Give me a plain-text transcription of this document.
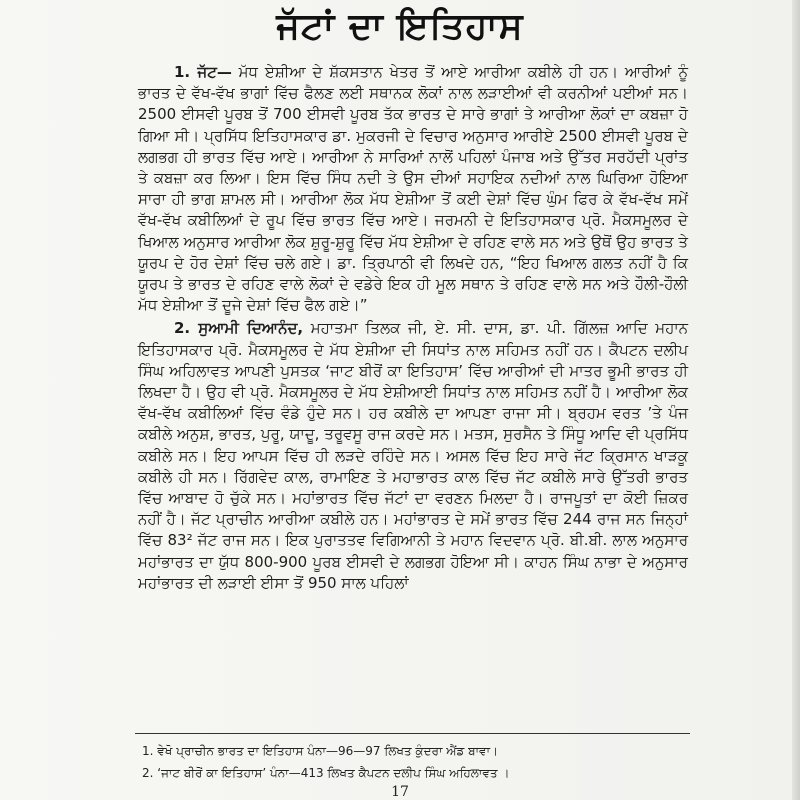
ਜੱਟਾਂ ਦਾ ਇਤਿਹਾਸ

1. ਜੱਟ— ਮੱਧ ਏਸ਼ੀਆ ਦੇ ਸ਼ੱਕਸਤਾਨ ਖੇਤਰ ਤੋਂ ਆਏ ਆਰੀਆ ਕਬੀਲੇ ਹੀ ਹਨ। ਆਰੀਆਂ ਨੂੰ ਭਾਰਤ ਦੇ ਵੱਖ-ਵੱਖ ਭਾਗਾਂ ਵਿੱਚ ਫੈਲਣ ਲਈ ਸਥਾਨਕ ਲੋਕਾਂ ਨਾਲ ਲੜਾਈਆਂ ਵੀ ਕਰਨੀਆਂ ਪਈਆਂ ਸਨ। 2500 ਈਸਵੀ ਪੂਰਬ ਤੋਂ 700 ਈਸਵੀ ਪੂਰਬ ਤੱਕ ਭਾਰਤ ਦੇ ਸਾਰੇ ਭਾਗਾਂ ਤੇ ਆਰੀਆ ਲੋਕਾਂ ਦਾ ਕਬਜ਼ਾ ਹੋ ਗਿਆ ਸੀ। ਪ੍ਰਸਿੱਧ ਇਤਿਹਾਸਕਾਰ ਡਾ. ਮੁਕਰਜੀ ਦੇ ਵਿਚਾਰ ਅਨੁਸਾਰ ਆਰੀਏ 2500 ਈਸਵੀ ਪੂਰਬ ਦੇ ਲਗਭਗ ਹੀ ਭਾਰਤ ਵਿੱਚ ਆਏ। ਆਰੀਆ ਨੇ ਸਾਰਿਆਂ ਨਾਲੋਂ ਪਹਿਲਾਂ ਪੰਜਾਬ ਅਤੇ ਉੱਤਰ ਸਰਹੱਦੀ ਪ੍ਰਾਂਤ ਤੇ ਕਬਜ਼ਾ ਕਰ ਲਿਆ। ਇਸ ਵਿੱਚ ਸਿੰਧ ਨਦੀ ਤੇ ਉਸ ਦੀਆਂ ਸਹਾਇਕ ਨਦੀਆਂ ਨਾਲ ਘਿਰਿਆ ਹੋਇਆ ਸਾਰਾ ਹੀ ਭਾਗ ਸ਼ਾਮਲ ਸੀ। ਆਰੀਆ ਲੋਕ ਮੱਧ ਏਸ਼ੀਆ ਤੋਂ ਕਈ ਦੇਸ਼ਾਂ ਵਿੱਚ ਘੁੰਮ ਫਿਰ ਕੇ ਵੱਖ-ਵੱਖ ਸਮੇਂ ਵੱਖ-ਵੱਖ ਕਬੀਲਿਆਂ ਦੇ ਰੂਪ ਵਿੱਚ ਭਾਰਤ ਵਿੱਚ ਆਏ। ਜਰਮਨੀ ਦੇ ਇਤਿਹਾਸਕਾਰ ਪ੍ਰੋ. ਮੈਕਸਮੂਲਰ ਦੇ ਖਿਆਲ ਅਨੁਸਾਰ ਆਰੀਆ ਲੋਕ ਸ਼ੁਰੂ-ਸ਼ੁਰੂ ਵਿੱਚ ਮੱਧ ਏਸ਼ੀਆ ਦੇ ਰਹਿਣ ਵਾਲੇ ਸਨ ਅਤੇ ਉਥੋਂ ਉਹ ਭਾਰਤ ਤੇ ਯੂਰਪ ਦੇ ਹੋਰ ਦੇਸ਼ਾਂ ਵਿੱਚ ਚਲੇ ਗਏ। ਡਾ. ਤ੍ਰਿਪਾਠੀ ਵੀ ਲਿਖਦੇ ਹਨ, “ਇਹ ਖਿਆਲ ਗਲਤ ਨਹੀਂ ਹੈ ਕਿ ਯੂਰਪ ਤੇ ਭਾਰਤ ਦੇ ਰਹਿਣ ਵਾਲੇ ਲੋਕਾਂ ਦੇ ਵਡੇਰੇ ਇਕ ਹੀ ਮੂਲ ਸਥਾਨ ਤੇ ਰਹਿਣ ਵਾਲੇ ਸਨ ਅਤੇ ਹੌਲੀ-ਹੌਲੀ ਮੱਧ ਏਸ਼ੀਆ ਤੋਂ ਦੂਜੇ ਦੇਸ਼ਾਂ ਵਿੱਚ ਫੈਲ ਗਏ।”

2. ਸੁਆਮੀ ਦਿਆਨੰਦ, ਮਹਾਤਮਾ ਤਿਲਕ ਜੀ, ਏ. ਸੀ. ਦਾਸ, ਡਾ. ਪੀ. ਗਿੱਲਜ਼ ਆਦਿ ਮਹਾਨ ਇਤਿਹਾਸਕਾਰ ਪ੍ਰੋ. ਮੈਕਸਮੂਲਰ ਦੇ ਮੱਧ ਏਸ਼ੀਆ ਦੀ ਸਿਧਾਂਤ ਨਾਲ ਸਹਿਮਤ ਨਹੀਂ ਹਨ। ਕੈਪਟਨ ਦਲੀਪ ਸਿੰਘ ਅਹਿਲਾਵਤ ਆਪਣੀ ਪੁਸਤਕ ‘ਜਾਟ ਬੀਰੋਂ ਕਾ ਇਤਿਹਾਸ’ ਵਿੱਚ ਆਰੀਆਂ ਦੀ ਮਾਤਰ ਭੂਮੀ ਭਾਰਤ ਹੀ ਲਿਖਦਾ ਹੈ। ਉਹ ਵੀ ਪ੍ਰੋ. ਮੈਕਸਮੂਲਰ ਦੇ ਮੱਧ ਏਸ਼ੀਆਈ ਸਿਧਾਂਤ ਨਾਲ ਸਹਿਮਤ ਨਹੀਂ ਹੈ। ਆਰੀਆ ਲੋਕ ਵੱਖ-ਵੱਖ ਕਬੀਲਿਆਂ ਵਿੱਚ ਵੰਡੇ ਹੁੰਦੇ ਸਨ। ਹਰ ਕਬੀਲੇ ਦਾ ਆਪਣਾ ਰਾਜਾ ਸੀ। ਬ੍ਰਹਮ ਵਰਤ ’ਤੇ ਪੰਜ ਕਬੀਲੇ ਅਨੁਸ਼, ਭਾਰਤ, ਪੁਰੂ, ਯਾਦੂ, ਤਰੂਵਸੂ ਰਾਜ ਕਰਦੇ ਸਨ। ਮਤਸ, ਸੁਰਸੈਨ ਤੇ ਸਿੰਧੂ ਆਦਿ ਵੀ ਪ੍ਰਸਿੱਧ ਕਬੀਲੇ ਸਨ। ਇਹ ਆਪਸ ਵਿੱਚ ਹੀ ਲੜਦੇ ਰਹਿੰਦੇ ਸਨ। ਅਸਲ ਵਿੱਚ ਇਹ ਸਾਰੇ ਜੱਟ ਕ੍ਰਿਸਾਨ ਖਾੜਕੂ ਕਬੀਲੇ ਹੀ ਸਨ। ਰਿੱਗਵੇਦ ਕਾਲ, ਰਾਮਾਇਣ ਤੇ ਮਹਾਭਾਰਤ ਕਾਲ ਵਿੱਚ ਜੱਟ ਕਬੀਲੇ ਸਾਰੇ ਉੱਤਰੀ ਭਾਰਤ ਵਿੱਚ ਆਬਾਦ ਹੋ ਚੁੱਕੇ ਸਨ। ਮਹਾਂਭਾਰਤ ਵਿੱਚ ਜੱਟਾਂ ਦਾ ਵਰਣਨ ਮਿਲਦਾ ਹੈ। ਰਾਜਪੂਤਾਂ ਦਾ ਕੋਈ ਜ਼ਿਕਰ ਨਹੀਂ ਹੈ। ਜੱਟ ਪ੍ਰਾਚੀਨ ਆਰੀਆ ਕਬੀਲੇ ਹਨ। ਮਹਾਂਭਾਰਤ ਦੇ ਸਮੇਂ ਭਾਰਤ ਵਿੱਚ 244 ਰਾਜ ਸਨ ਜਿਨ੍ਹਾਂ ਵਿੱਚ 83² ਜੱਟ ਰਾਜ ਸਨ। ਇਕ ਪੁਰਾਤਤਵ ਵਿਗਿਆਨੀ ਤੇ ਮਹਾਨ ਵਿਦਵਾਨ ਪ੍ਰੋ. ਬੀ.ਬੀ. ਲਾਲ ਅਨੁਸਾਰ ਮਹਾਂਭਾਰਤ ਦਾ ਯੁੱਧ 800-900 ਪੂਰਬ ਈਸਵੀ ਦੇ ਲਗਭਗ ਹੋਇਆ ਸੀ। ਕਾਹਨ ਸਿੰਘ ਨਾਭਾ ਦੇ ਅਨੁਸਾਰ ਮਹਾਂਭਾਰਤ ਦੀ ਲੜਾਈ ਈਸਾ ਤੋਂ 950 ਸਾਲ ਪਹਿਲਾਂ

1. ਵੇਖੋ ਪ੍ਰਾਚੀਨ ਭਾਰਤ ਦਾ ਇਤਿਹਾਸ ਪੰਨਾ—96—97 ਲਿਖਤ ਕੁੰਦਰਾ ਐਂਡ ਬਾਵਾ।
2. ‘ਜਾਟ ਬੀਰੋਂ ਕਾ ਇਤਿਹਾਸ’ ਪੰਨਾ—413 ਲਿਖਤ ਕੈਪਟਨ ਦਲੀਪ ਸਿੰਘ ਅਹਿਲਾਵਤ ।
17
